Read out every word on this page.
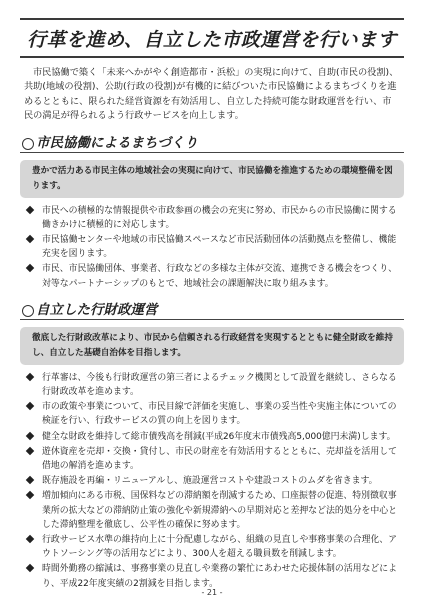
行革を進め、自立した市政運営を行います

市民協働で築く「未来へかがやく創造都市・浜松」の実現に向けて、自助(市民の役割)、共助(地域の役割)、公助(行政の役割)が有機的に結びついた市民協働によるまちづくりを進めるとともに、限られた経営資源を有効活用し、自立した持続可能な財政運営を行い、市民の満足が得られるよう行政サービスを向上します。

市民協働によるまちづくり
豊かで活力ある市民主体の地域社会の実現に向けて、市民協働を推進するための環境整備を図ります。
市民への積極的な情報提供や市政参画の機会の充実に努め、市民からの市民協働に関する働きかけに積極的に対応します。
市民協働センターや地域の市民協働スペースなど市民活動団体の活動拠点を整備し、機能充実を図ります。
市民、市民協働団体、事業者、行政などの多様な主体が交流、連携できる機会をつくり、対等なパートナーシップのもとで、地域社会の課題解決に取り組みます。
自立した行財政運営
徹底した行財政改革により、市民から信頼される行政経営を実現するとともに健全財政を維持し、自立した基礎自治体を目指します。
行革審は、今後も行財政運営の第三者によるチェック機関として設置を継続し、さらなる行財政改革を進めます。
市の政策や事業について、市民目線で評価を実施し、事業の妥当性や実施主体についての検証を行い、行政サービスの質の向上を図ります。
健全な財政を維持して総市債残高を削減(平成26年度末市債残高5,000億円未満)します。
遊休資産を売却・交換・貸付し、市民の財産を有効活用するとともに、売却益を活用して借地の解消を進めます。
既存施設を再編・リニューアルし、施設運営コストや建設コストのムダを省きます。
増加傾向にある市税、国保料などの滞納額を削減するため、口座振替の促進、特別徴収事業所の拡大などの滞納防止策の強化や新規滞納への早期対応と差押など法的処分を中心とした滞納整理を徹底し、公平性の確保に努めます。
行政サービス水準の維持向上に十分配慮しながら、組織の見直しや事務事業の合理化、アウトソーシング等の活用などにより、300人を超える職員数を削減します。
時間外勤務の縮減は、事務事業の見直しや業務の繁忙にあわせた応援体制の活用などにより、平成22年度実績の2割減を目指します。
- 21 -
